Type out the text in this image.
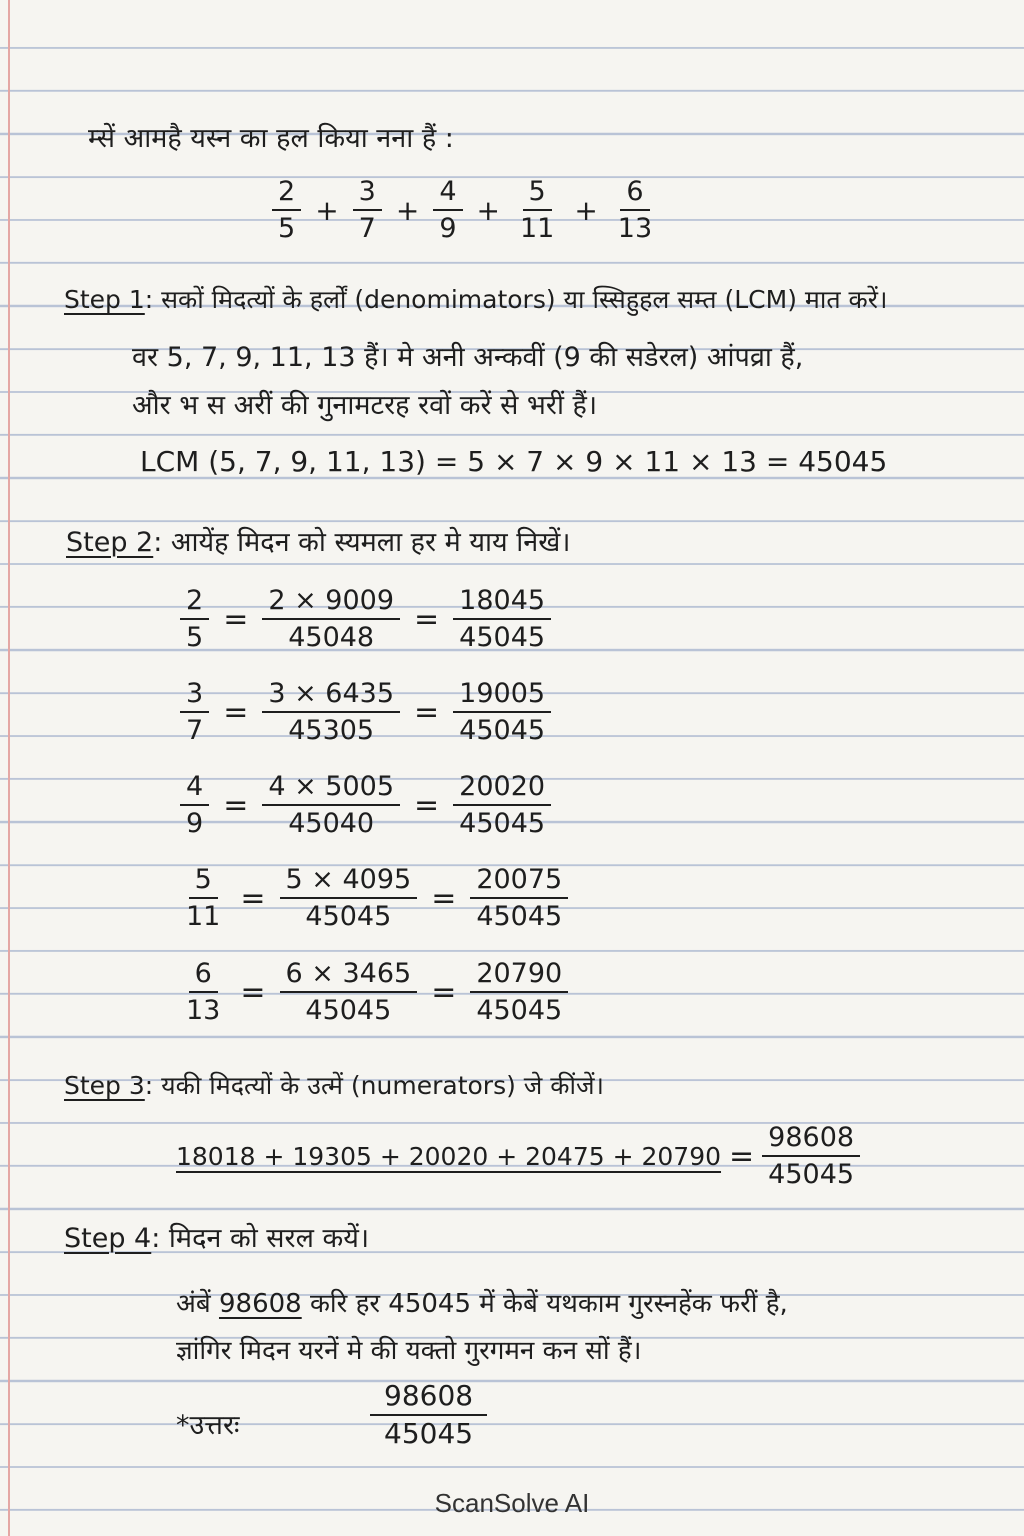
म्सें आमहै यस्न का हल किया नना हैं :
$\frac{2}{5} + \frac{3}{7} + \frac{4}{9} + \frac{5}{11} + \frac{6}{13}$
Step 1: सकों मिदत्यों के हर्लों (denomimators) या स्सिहुहल सम्त (LCM) मात करें।
वर 5, 7, 9, 11, 13 हैं। मे अनी अन्कवीं (9 की सडेरल) आंपव्रा हैं,
और भ स अरीं की गुनामटरह रवों करें से भरीं हैं।
LCM (5, 7, 9, 11, 13) = 5 × 7 × 9 × 11 × 13 = 45045
Step 2: आयेंह मिदन को स्यमला हर मे याय निखें।
$\frac{2}{5} = \frac{2 \times 9009}{45048} = \frac{18045}{45045}$
$\frac{3}{7} = \frac{3 \times 6435}{45305} = \frac{19005}{45045}$
$\frac{4}{9} = \frac{4 \times 5005}{45040} = \frac{20020}{45045}$
$\frac{5}{11} = \frac{5 \times 4095}{45045} = \frac{20075}{45045}$
$\frac{6}{13} = \frac{6 \times 3465}{45045} = \frac{20790}{45045}$
Step 3: यकी मिदत्यों के उत्में (numerators) जे कींजें।
$18018 + 19305 + 20020 + 20475 + 20790 = \frac{98608}{45045}$
Step 4: मिदन को सरल कयें।
अंबें 98608 करि हर 45045 में केबें यथकाम गुरस्नहेंक फरीं है,
ज्ञांगिर मिदन यरनें मे की यक्तो गुरगमन कन सों हैं।
*उत्तरः	$\frac{98608}{45045}$
ScanSolve AI
